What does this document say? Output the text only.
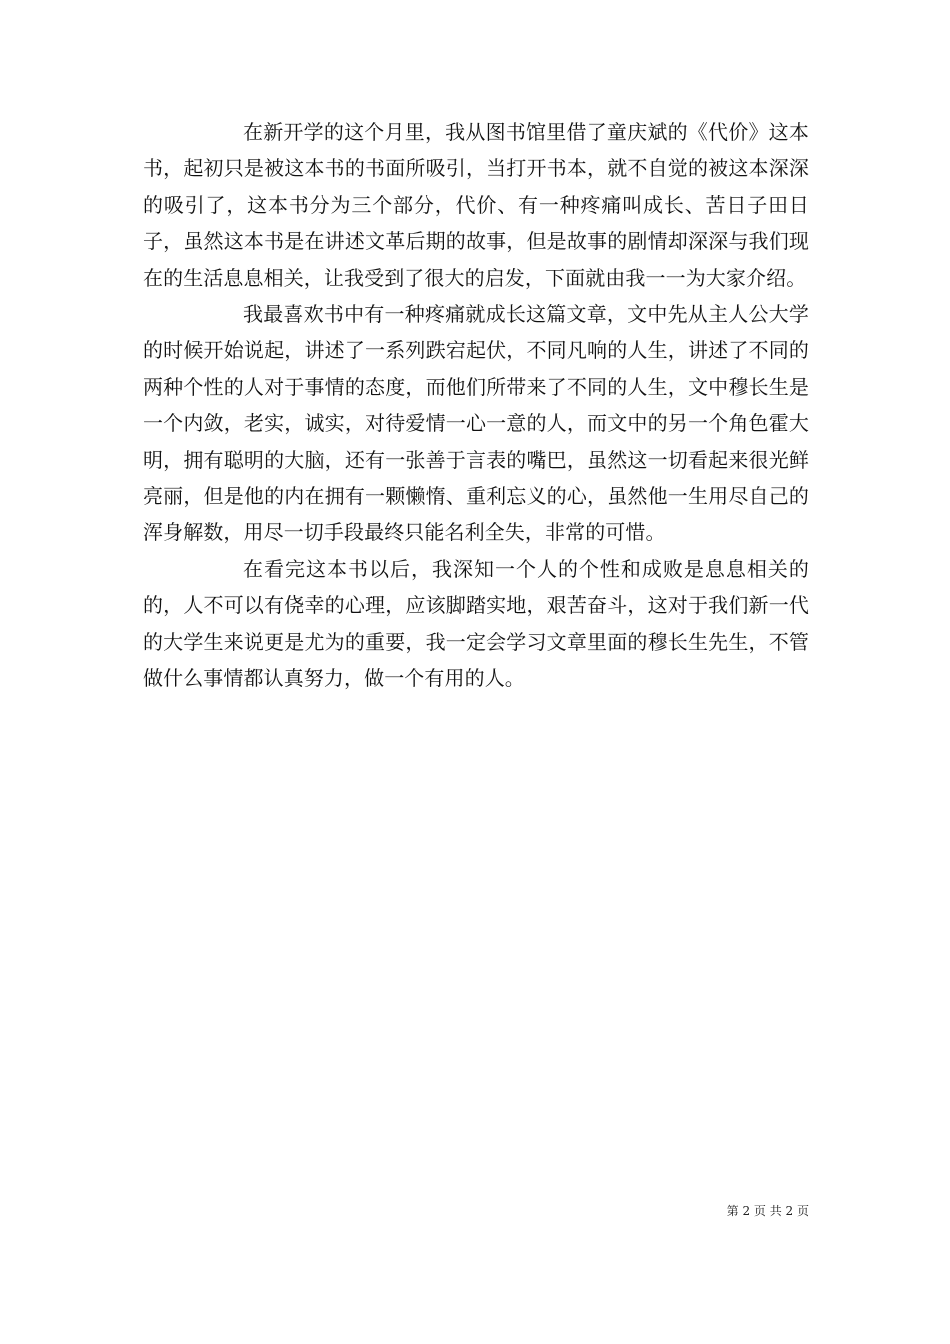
在新开学的这个月里，我从图书馆里借了童庆斌的《代价》这本书，起初只是被这本书的书面所吸引，当打开书本，就不自觉的被这本深深的吸引了，这本书分为三个部分，代价、有一种疼痛叫成长、苦日子田日子，虽然这本书是在讲述文革后期的故事，但是故事的剧情却深深与我们现在的生活息息相关，让我受到了很大的启发，下面就由我一一为大家介绍。

我最喜欢书中有一种疼痛就成长这篇文章，文中先从主人公大学的时候开始说起，讲述了一系列跌宕起伏，不同凡响的人生，讲述了不同的两种个性的人对于事情的态度，而他们所带来了不同的人生，文中穆长生是一个内敛，老实，诚实，对待爱情一心一意的人，而文中的另一个角色霍大明，拥有聪明的大脑，还有一张善于言表的嘴巴，虽然这一切看起来很光鲜亮丽，但是他的内在拥有一颗懒惰、重利忘义的心，虽然他一生用尽自己的浑身解数，用尽一切手段最终只能名利全失，非常的可惜。

在看完这本书以后，我深知一个人的个性和成败是息息相关的的，人不可以有侥幸的心理，应该脚踏实地，艰苦奋斗，这对于我们新一代的大学生来说更是尤为的重要，我一定会学习文章里面的穆长生先生，不管做什么事情都认真努力，做一个有用的人。

第 2 页 共 2 页
